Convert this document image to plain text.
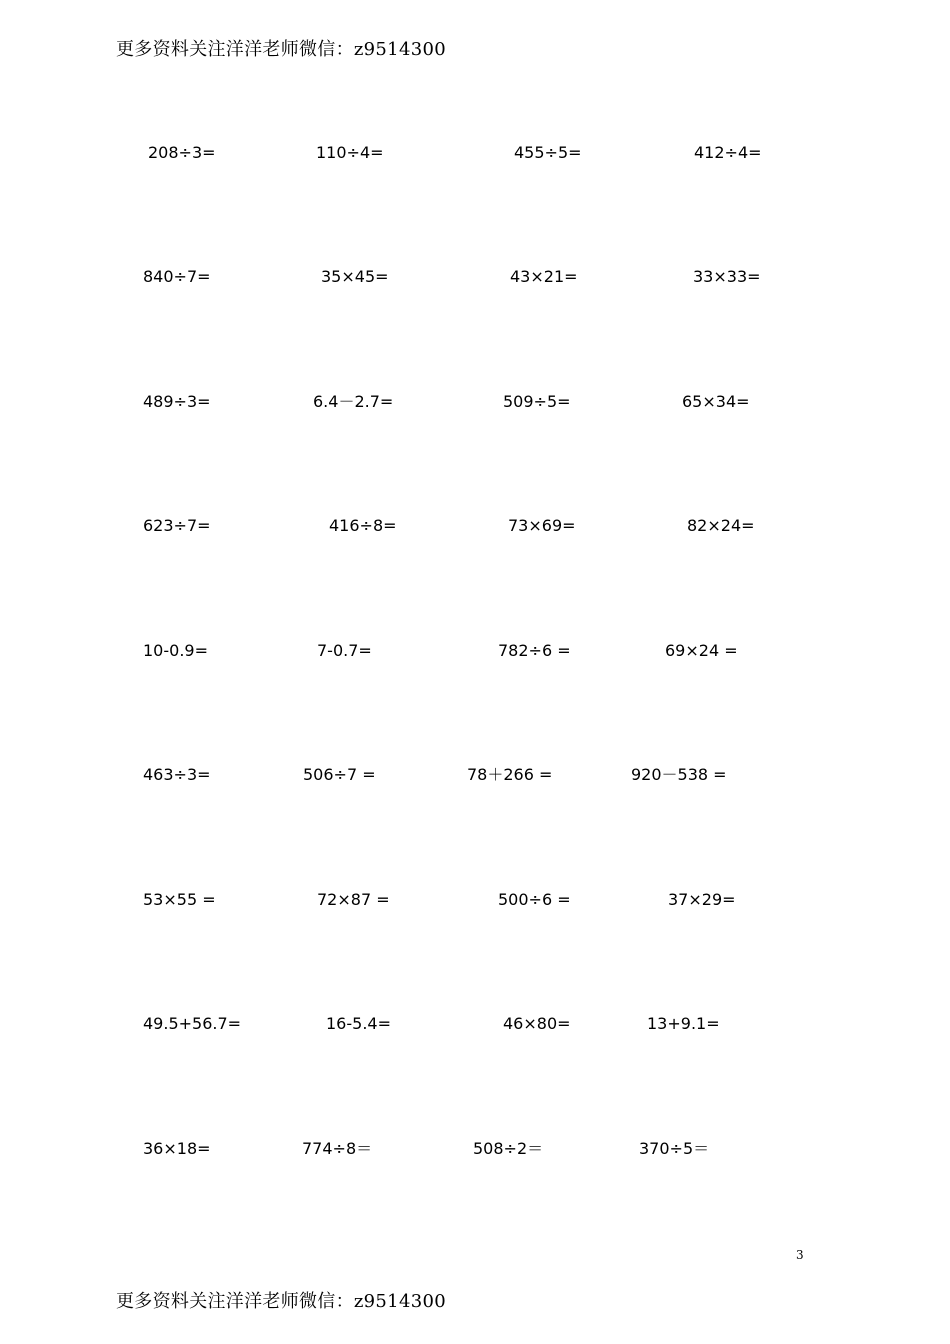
更多资料关注洋洋老师微信：z9514300
208÷3=	110÷4=	455÷5=	412÷4=
840÷7=	35×45=	43×21=	33×33=
489÷3=	6.4－2.7=	509÷5=	65×34=
623÷7=	416÷8=	73×69=	82×24=
10-0.9=	7-0.7=	782÷6 =	69×24 =
463÷3=	506÷7 =	78＋266 =	920－538 =
53×55 =	72×87 =	500÷6 =	37×29=
49.5+56.7=	16-5.4=	46×80=	13+9.1=
36×18=	774÷8＝	508÷2＝	370÷5＝
3
更多资料关注洋洋老师微信：z9514300
